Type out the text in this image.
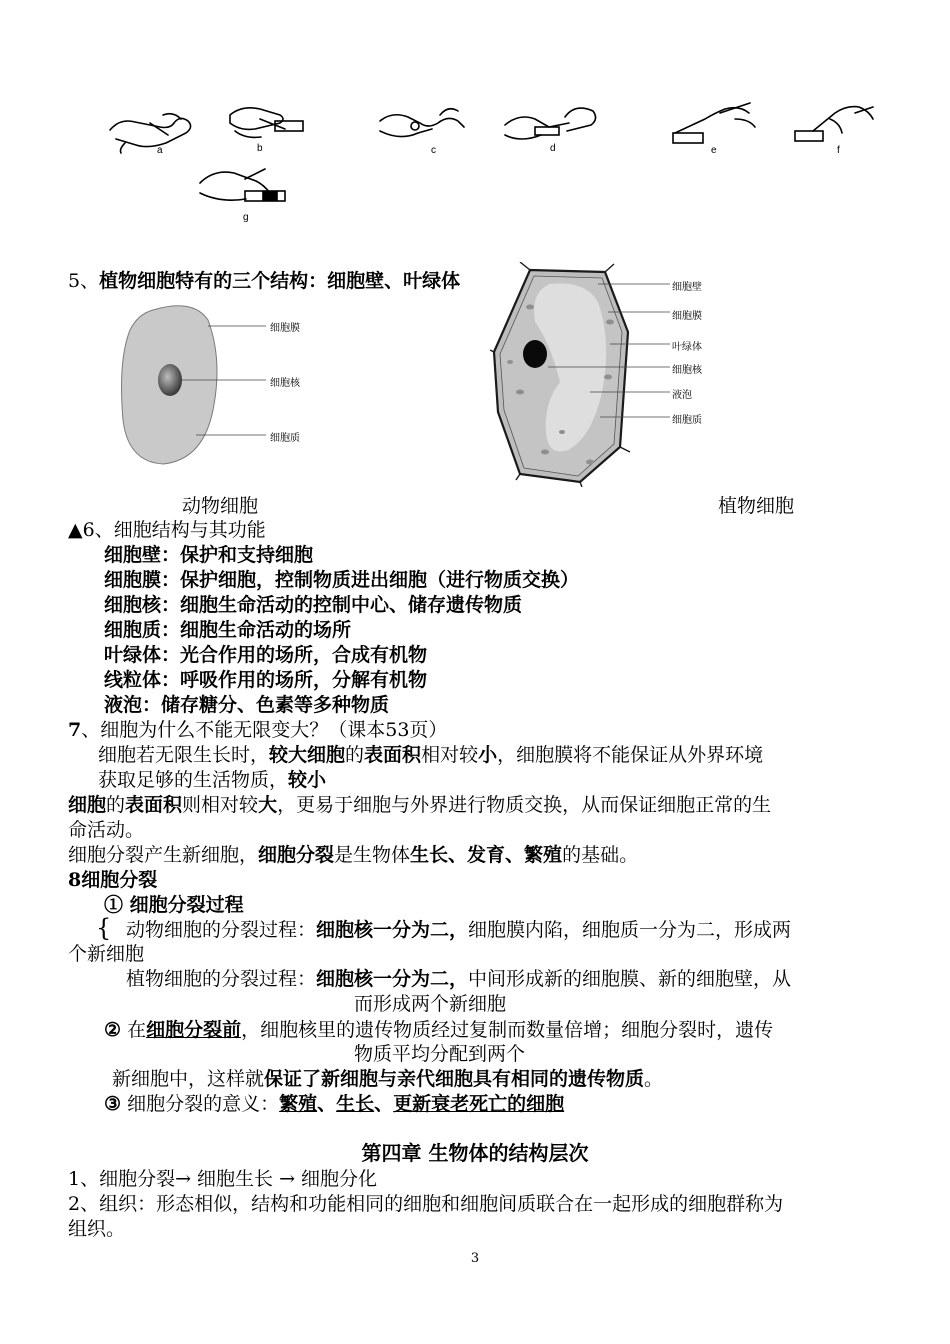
a	b	c	d	e	f
g
5、植物细胞特有的三个结构：细胞壁、叶绿体
细胞膜
细胞核
细胞质
细胞壁
细胞膜
叶绿体
细胞核
液泡
细胞质
动物细胞	植物细胞
▲6、细胞结构与其功能
细胞壁：保护和支持细胞
细胞膜：保护细胞，控制物质进出细胞（进行物质交换）
细胞核：细胞生命活动的控制中心、储存遗传物质
细胞质：细胞生命活动的场所
叶绿体：光合作用的场所，合成有机物
线粒体：呼吸作用的场所，分解有机物
液泡：储存糖分、色素等多种物质
7、细胞为什么不能无限变大？（课本53页）
细胞若无限生长时，较大细胞的表面积相对较小，细胞膜将不能保证从外界环境
获取足够的生活物质，较小
细胞的表面积则相对较大，更易于细胞与外界进行物质交换，从而保证细胞正常的生
命活动。
细胞分裂产生新细胞，细胞分裂是生物体生长、发育、繁殖的基础。
8细胞分裂
① 细胞分裂过程
{ 动物细胞的分裂过程：细胞核一分为二，细胞膜内陷，细胞质一分为二，形成两
个新细胞
植物细胞的分裂过程：细胞核一分为二，中间形成新的细胞膜、新的细胞壁，从
而形成两个新细胞
② 在细胞分裂前，细胞核里的遗传物质经过复制而数量倍增；细胞分裂时，遗传
物质平均分配到两个
新细胞中，这样就保证了新细胞与亲代细胞具有相同的遗传物质。
③ 细胞分裂的意义：繁殖、生长、更新衰老死亡的细胞
第四章 生物体的结构层次
1、细胞分裂→ 细胞生长 → 细胞分化
2、组织：形态相似，结构和功能相同的细胞和细胞间质联合在一起形成的细胞群称为
组织。
3
